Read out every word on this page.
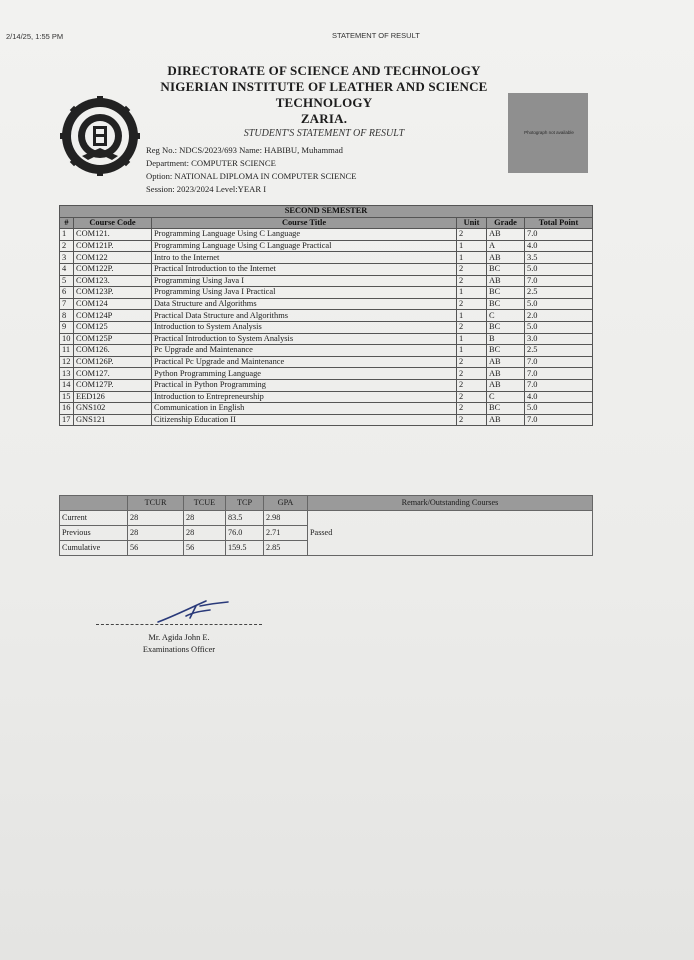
2/14/25, 1:55 PM	STATEMENT OF RESULT
DIRECTORATE OF SCIENCE AND TECHNOLOGY
NIGERIAN INSTITUTE OF LEATHER AND SCIENCE
TECHNOLOGY
ZARIA.
STUDENT'S STATEMENT OF RESULT	Photograph not available
Reg No.: NDCS/2023/693 Name: HABIBU, Muhammad
Department: COMPUTER SCIENCE
Option: NATIONAL DIPLOMA IN COMPUTER SCIENCE
Session: 2023/2024 Level:YEAR I
SECOND SEMESTER					
#	Course Code	Course Title	Unit	Grade	Total Point
1	COM121.	Programming Language Using C Language	2	AB	7.0
2	COM121P.	Programming Language Using C Language Practical	1	A	4.0
3	COM122	Intro to the Internet	1	AB	3.5
4	COM122P.	Practical Introduction to the Internet	2	BC	5.0
5	COM123.	Programming Using Java I	2	AB	7.0
6	COM123P.	Programming Using Java I Practical	1	BC	2.5
7	COM124	Data Structure and Algorithms	2	BC	5.0
8	COM124P	Practical Data Structure and Algorithms	1	C	2.0
9	COM125	Introduction to System Analysis	2	BC	5.0
10	COM125P	Practical Introduction to System Analysis	1	B	3.0
11	COM126.	Pc Upgrade and Maintenance	1	BC	2.5
12	COM126P.	Practical Pc Upgrade and Maintenance	2	AB	7.0
13	COM127.	Python Programming Language	2	AB	7.0
14	COM127P.	Practical in Python Programming	2	AB	7.0
15	EED126	Introduction to Entrepreneurship	2	C	4.0
16	GNS102	Communication in English	2	BC	5.0
17	GNS121	Citizenship Education II	2	AB	7.0
	TCUR	TCUE	TCP	GPA	Remark/Outstanding Courses
Current	28	28	83.5	2.98	Passed
Previous	28	28	76.0	2.71	
Cumulative	56	56	159.5	2.85	
Mr. Agida John E.
Examinations Officer
